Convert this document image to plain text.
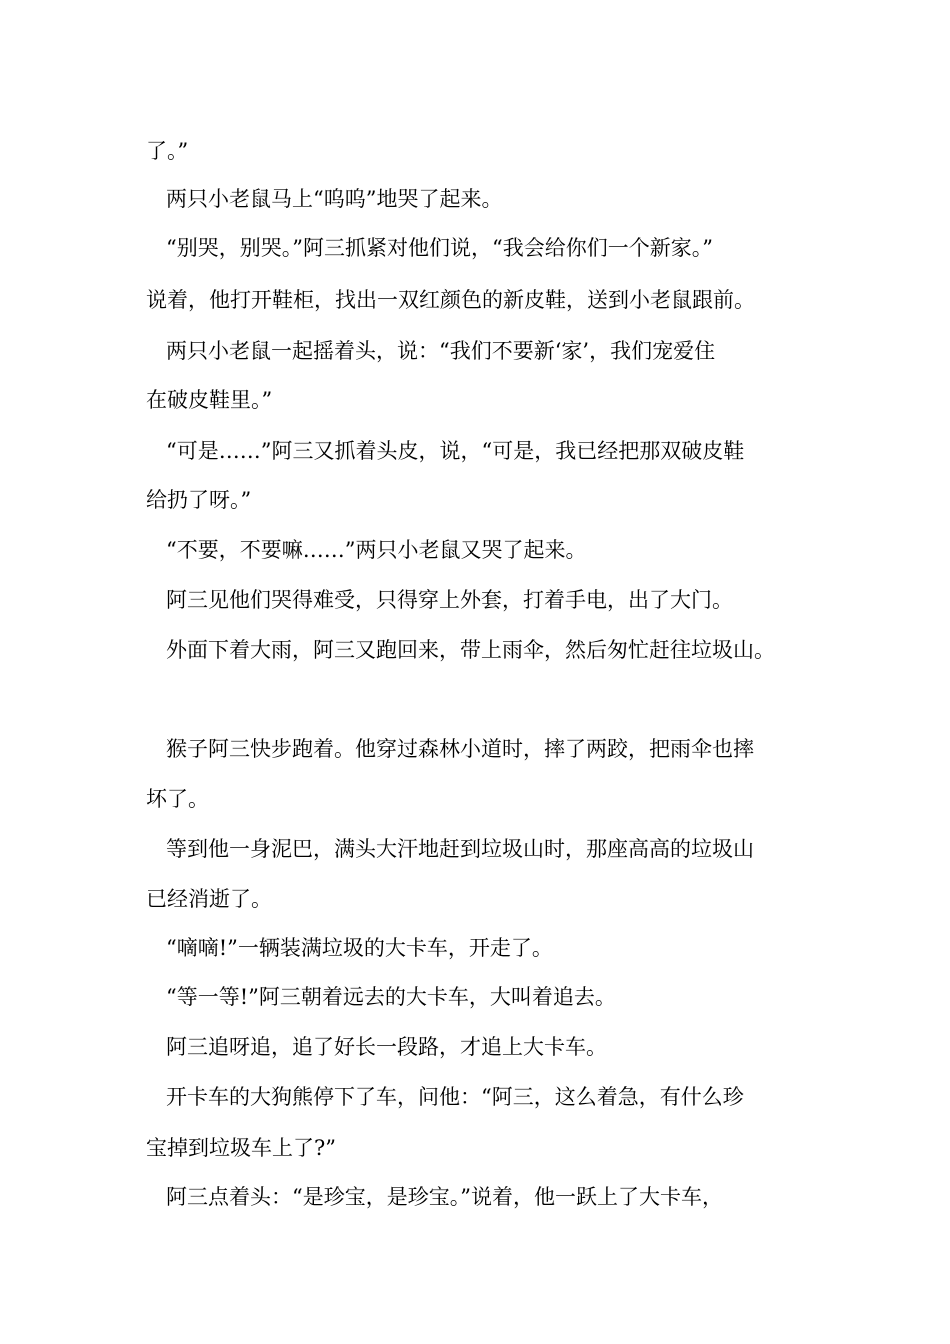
了。”
两只小老鼠马上“呜呜”地哭了起来。
“别哭，别哭。”阿三抓紧对他们说，“我会给你们一个新家。”
说着，他打开鞋柜，找出一双红颜色的新皮鞋，送到小老鼠跟前。
两只小老鼠一起摇着头，说：“我们不要新‘家’，我们宠爱住
在破皮鞋里。”
“可是……”阿三又抓着头皮，说，“可是，我已经把那双破皮鞋
给扔了呀。”
“不要，不要嘛……”两只小老鼠又哭了起来。
阿三见他们哭得难受，只得穿上外套，打着手电，出了大门。
外面下着大雨，阿三又跑回来，带上雨伞，然后匆忙赶往垃圾山。
猴子阿三快步跑着。他穿过森林小道时，摔了两跤，把雨伞也摔
坏了。
等到他一身泥巴，满头大汗地赶到垃圾山时，那座高高的垃圾山
已经消逝了。
“嘀嘀!”一辆装满垃圾的大卡车，开走了。
“等一等!”阿三朝着远去的大卡车，大叫着追去。
阿三追呀追，追了好长一段路，才追上大卡车。
开卡车的大狗熊停下了车，问他：“阿三，这么着急，有什么珍
宝掉到垃圾车上了?”
阿三点着头：“是珍宝，是珍宝。”说着，他一跃上了大卡车，
